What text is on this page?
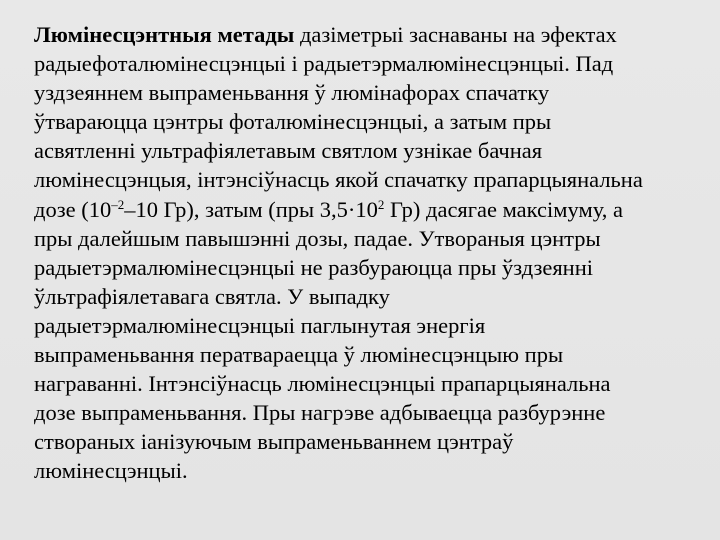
Люмінесцэнтныя метады дазіметрыі заснаваны на эфектах
радыефоталюмінесцэнцыі і радыетэрмалюмінесцэнцыі. Пад
уздзеяннем выпраменьвання ў люмінафорах спачатку
ўтвараюцца цэнтры фоталюмінесцэнцыі, а затым пры
асвятленні ультрафіялетавым святлом узнікае бачная
люмінесцэнцыя, інтэнсіўнасць якой спачатку прапарцыянальна
дозе ($10^{-2}-10$ Гр), затым (пры $3,5\cdot 10^2$ Гр) дасягае максімуму, а
пры далейшым павышэнні дозы, падае. Утвораныя цэнтры
радыетэрмалюмінесцэнцыі не разбураюцца пры ўздзеянні
ўльтрафіялетавага святла. У выпадку
радыетэрмалюмінесцэнцыі паглынутая энергія
выпраменьвання ператвараецца ў люмінесцэнцыю пры
награванні. Інтэнсіўнасць люмінесцэнцыі прапарцыянальна
дозе выпраменьвання. Пры нагрэве адбываецца разбурэнне
створаных іанізуючым выпраменьваннем цэнтраў
люмінесцэнцыі.
